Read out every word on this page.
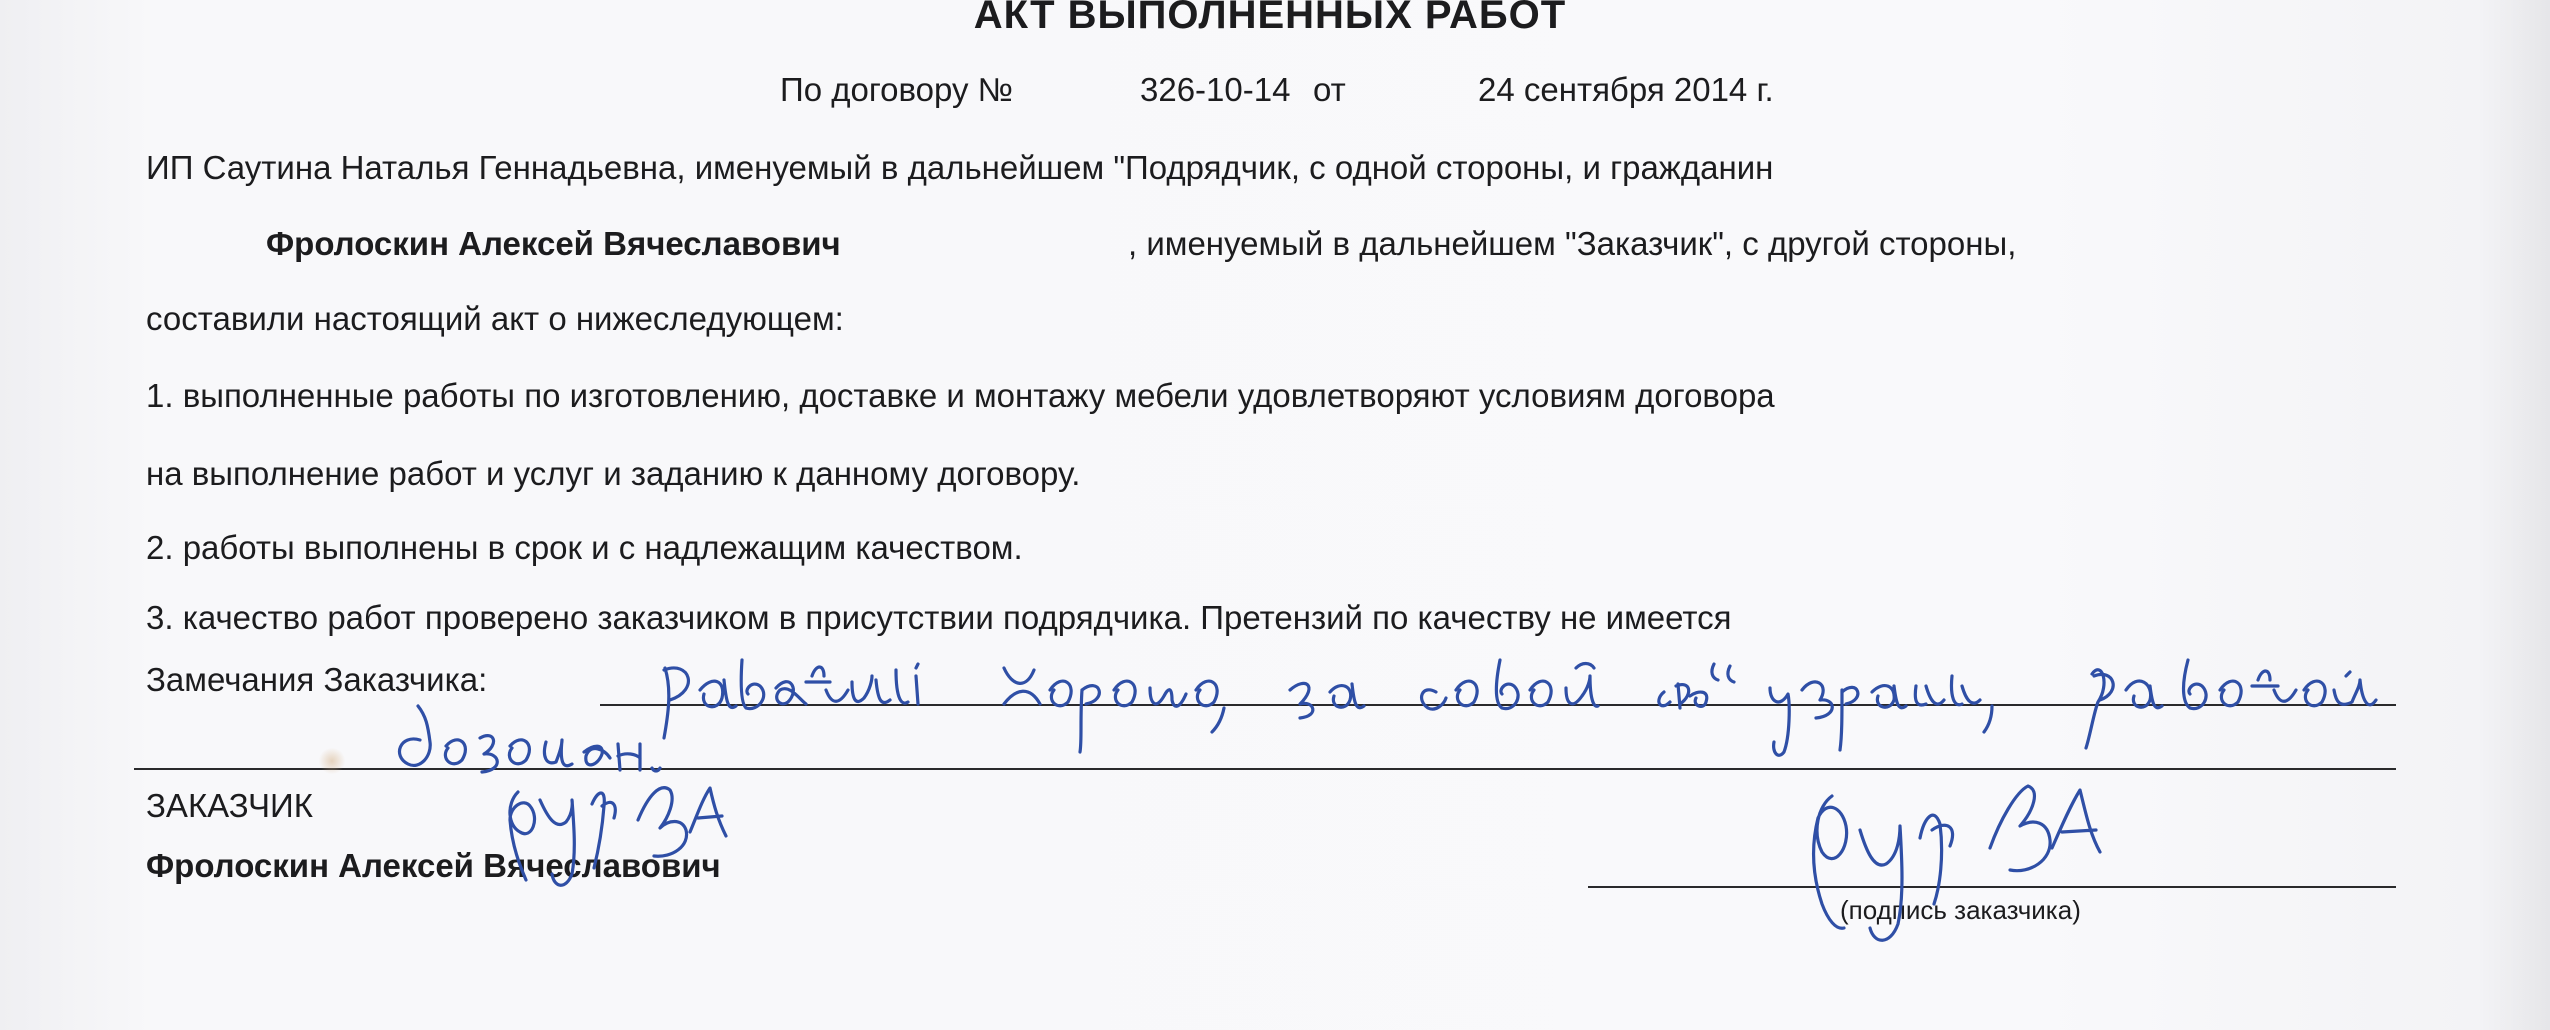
АКТ ВЫПОЛНЕННЫХ РАБОТ
По договору №	326-10-14 от	24 сентября 2014 г.
ИП Саутина Наталья Геннадьевна, именуемый в дальнейшем "Подрядчик, с одной стороны, и гражданин
Фролоскин Алексей Вячеславович	, именуемый в дальнейшем "Заказчик", с другой стороны,
составили настоящий акт о нижеследующем:
1. выполненные работы по изготовлению, доставке и монтажу мебели удовлетворяют условиям договора
на выполнение работ и услуг и заданию к данному договору.
2. работы выполнены в срок и с надлежащим качеством.
3. качество работ проверено заказчиком в присутствии подрядчика. Претензий по качеству не имеется
Замечания Заказчика:
ЗАКАЗЧИК
Фролоскин Алексей Вячеславович
(подпись заказчика)
